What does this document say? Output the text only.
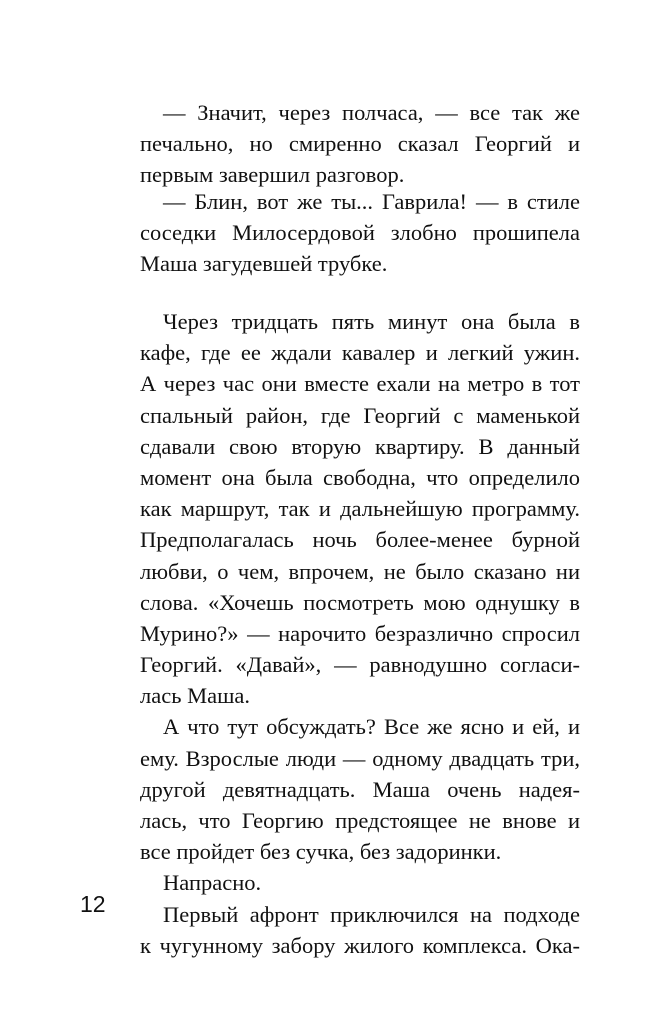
— Значит, через полчаса, — все так же
печально, но смиренно сказал Георгий и
первым завершил разговор.
— Блин, вот же ты... Гаврила! — в стиле
соседки Милосердовой злобно прошипела
Маша загудевшей трубке.
Через тридцать пять минут она была в
кафе, где ее ждали кавалер и легкий ужин.
А через час они вместе ехали на метро в тот
спальный район, где Георгий с маменькой
сдавали свою вторую квартиру. В данный
момент она была свободна, что определило
как маршрут, так и дальнейшую программу.
Предполагалась ночь более-менее бурной
любви, о чем, впрочем, не было сказано ни
слова. «Хочешь посмотреть мою однушку в
Мурино?» — нарочито безразлично спросил
Георгий. «Давай», — равнодушно согласи-
лась Маша.
А что тут обсуждать? Все же ясно и ей, и
ему. Взрослые люди — одному двадцать три,
другой девятнадцать. Маша очень надея-
лась, что Георгию предстоящее не внове и
все пройдет без сучка, без задоринки.
Напрасно.
Первый афронт приключился на подходе
к чугунному забору жилого комплекса. Ока-
12
